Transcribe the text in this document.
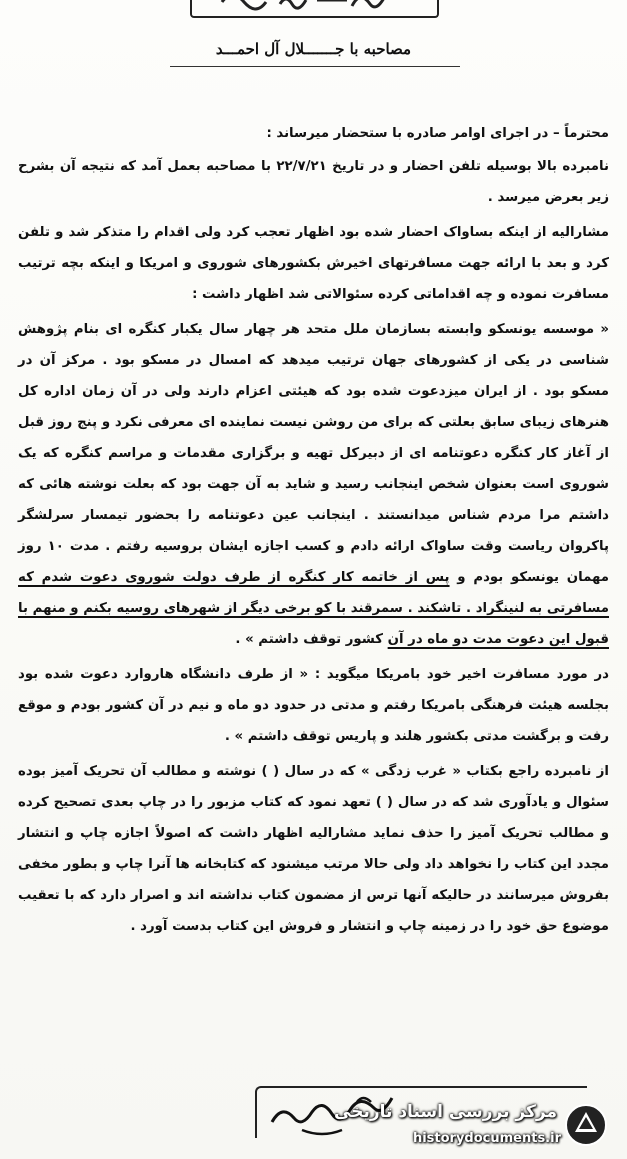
مصاحبه با جـــــــلال آل احمـــد

محترماً – در اجرای اوامر صادره با ستحضار میرساند :

نامبرده بالا بوسیله تلفن احضار و در تاریخ ۲۲/۷/۲۱ با مصاحبه بعمل آمد که نتیجه آن بشرح زیر بعرض میرسد .

مشارالیه از اینکه بساواک احضار شده بود اظهار تعجب کرد ولی اقدام را متذکر شد و تلفن کرد و بعد با ارائه جهت مسافرتهای اخیرش بکشورهای شوروی و امریکا و اینکه بچه ترتیب مسافرت نموده و چه اقداماتی کرده سئوالاتی شد اظهار داشت :

« موسسه یونسکو وابسته بسازمان ملل متحد هر چهار سال یکبار کنگره ای بنام پژوهش شناسی در یکی از کشورهای جهان ترتیب میدهد که امسال در مسکو بود . مرکز آن در مسکو بود . از ایران میزدعوت شده بود که هیئتی اعزام دارند ولی در آن زمان اداره کل هنرهای زیبای سابق بعلتی که برای من روشن نیست نماینده ای معرفی نکرد و پنج روز قبل از آغاز کار کنگره دعوتنامه ای از دبیرکل تهیه و برگزاری مقدمات و مراسم کنگره که یک شوروی است بعنوان شخص اینجانب رسید و شاید به آن جهت بود که بعلت نوشته هائی که داشتم مرا مردم شناس میدانستند . اینجانب عین دعوتنامه را بحضور تیمسار سرلشگر پاکروان ریاست وقت ساواک ارائه دادم و کسب اجازه ایشان بروسیه رفتم . مدت ۱۰ روز مهمان یونسکو بودم و پس از خاتمه کار کنگره از طرف دولت شوروی دعوت شدم که مسافرتی به لنینگراد . تاشکند . سمرقند با کو برخی دیگر از شهرهای روسیه بکنم و منهم با قبول این دعوت مدت دو ماه در آن کشور توقف داشتم » .

در مورد مسافرت اخیر خود بامریکا میگوید : « از طرف دانشگاه هاروارد دعوت شده بود بجلسه هیئت فرهنگی بامریکا رفتم و مدتی در حدود دو ماه و نیم در آن کشور بودم و موقع رفت و برگشت مدتی بکشور هلند و پاریس توقف داشتم » .

از نامبرده راجع بکتاب « غرب زدگی » که در سال ( ) نوشته و مطالب آن تحریک آمیز بوده سئوال و یادآوری شد که در سال ( ) تعهد نمود که کتاب مزبور را در چاپ بعدی تصحیح کرده و مطالب تحریک آمیز را حذف نماید مشارالیه اظهار داشت که اصولاً اجازه چاپ و انتشار مجدد این کتاب را نخواهد داد ولی حالا مرتب میشنود که کتابخانه ها آنرا چاپ و بطور مخفی بفروش میرسانند در حالیکه آنها ترس از مضمون کتاب نداشته اند و اصرار دارد که با تعقیب موضوع حق خود را در زمینه چاپ و انتشار و فروش این کتاب بدست آورد .

مرکز بررسی اسناد تاریخی
historydocuments.ir
